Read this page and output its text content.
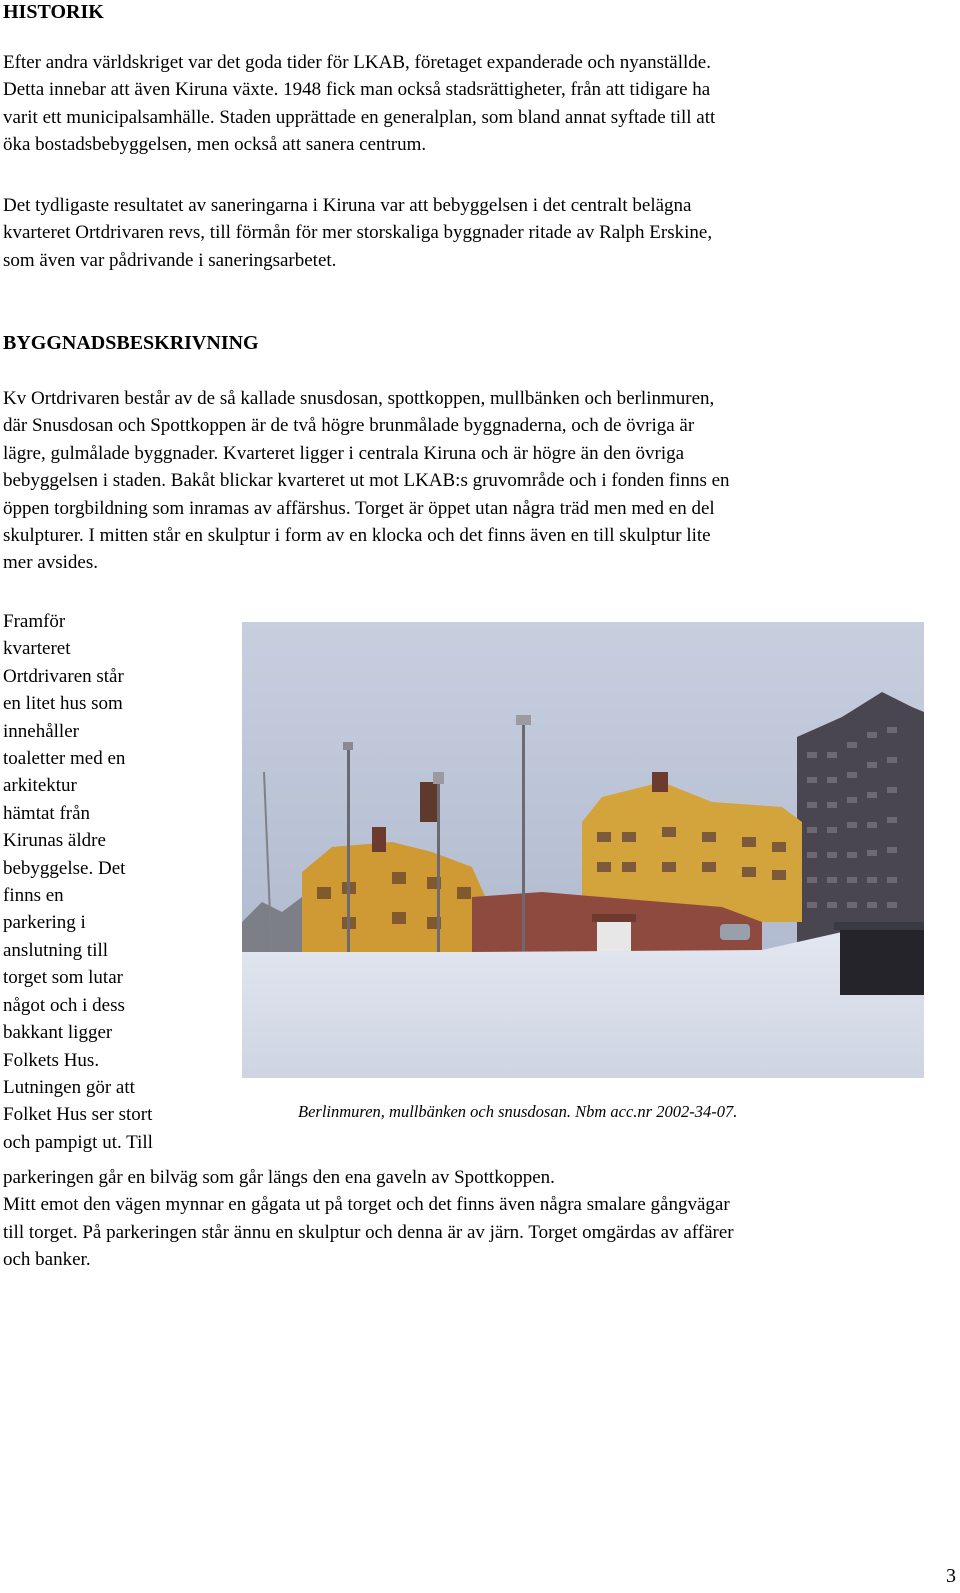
HISTORIK
Efter andra världskriget var det goda tider för LKAB, företaget expanderade och nyanställde.
Detta innebar att även Kiruna växte. 1948 fick man också stadsrättigheter, från att tidigare ha
varit ett municipalsamhälle. Staden upprättade en generalplan, som bland annat syftade till att
öka bostadsbebyggelsen, men också att sanera centrum.
Det tydligaste resultatet av saneringarna i Kiruna var att bebyggelsen i det centralt belägna
kvarteret Ortdrivaren revs, till förmån för mer storskaliga byggnader ritade av Ralph Erskine,
som även var pådrivande i saneringsarbetet.
BYGGNADSBESKRIVNING
Kv Ortdrivaren består av de så kallade snusdosan, spottkoppen, mullbänken och berlinmuren,
där Snusdosan och Spottkoppen är de två högre brunmålade byggnaderna, och de övriga är
lägre, gulmålade byggnader. Kvarteret ligger i centrala Kiruna och är högre än den övriga
bebyggelsen i staden. Bakåt blickar kvarteret ut mot LKAB:s gruvområde och i fonden finns en
öppen torgbildning som inramas av affärshus. Torget är öppet utan några träd men med en del
skulpturer. I mitten står en skulptur i form av en klocka och det finns även en till skulptur lite
mer avsides.
Framför
kvarteret
Ortdrivaren står
en litet hus som
innehåller
toaletter med en
arkitektur
hämtat från
Kirunas äldre
bebyggelse. Det
finns en
parkering i
anslutning till
torget som lutar
något och i dess
bakkant ligger
Folkets Hus.
Lutningen gör att
Folket Hus ser stort
och pampigt ut. Till
Berlinmuren, mullbänken och snusdosan. Nbm acc.nr 2002-34-07.
parkeringen går en bilväg som går längs den ena gaveln av Spottkoppen.
Mitt emot den vägen mynnar en gågata ut på torget och det finns även några smalare gångvägar
till torget. På parkeringen står ännu en skulptur och denna är av järn. Torget omgärdas av affärer
och banker.
3
